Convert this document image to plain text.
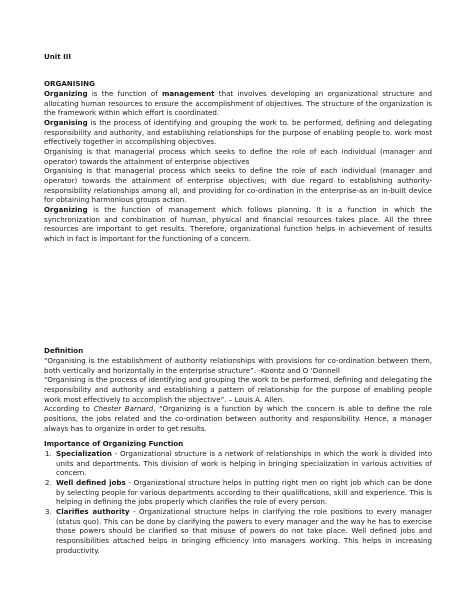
Unit III
ORGANISING

Organizing is the function of management that involves developing an organizational structure and allocating human resources to ensure the accomplishment of objectives. The structure of the organization is the framework within which effort is coordinated.

Organising is the process of identifying and grouping the work to. be performed, defining and delegating responsibility and authority, and establishing relationships for the purpose of enabling people to. work most effectively together in accomplishing objectives.

Organising is that managerial process which seeks to define the role of each individual (manager and operator) towards the attainment of enterprise objectives

Organising is that managerial process which seeks to define the role of each individual (manager and operator) towards the attainment of enterprise objectives; with due regard to establishing authority-responsibility relationships among all; and providing for co-ordination in the enterprise-as an in-built device for obtaining harmonious groups action.

Organizing is the function of management which follows planning. It is a function in which the synchronization and combination of human, physical and financial resources takes place. All the three resources are important to get results. Therefore, organizational function helps in achievement of results which in fact is important for the functioning of a concern.

Definition

“Organising is the establishment of authority relationships with provisions for co-ordination between them, both vertically and horizontally in the enterprise structure”. -Koontz and O ‘Donnell

“Organising is the process of identifying and grouping the work to be performed, defining and delegating the responsibility and authority and establishing a pattern of relationship for the purpose of enabling people work most effectively to accomplish the objective”. – Louis A. Allen.

According to Chester Barnard, “Organizing is a function by which the concern is able to define the role positions, the jobs related and the co-ordination between authority and responsibility. Hence, a manager always has to organize in order to get results.

Importance of Organizing Function
1. Specialization - Organizational structure is a network of relationships in which the work is divided into units and departments. This division of work is helping in bringing specialization in various activities of concern.
2. Well defined jobs - Organizational structure helps in putting right men on right job which can be done by selecting people for various departments according to their qualifications, skill and experience. This is helping in defining the jobs properly which clarifies the role of every person.
3. Clarifies authority - Organizational structure helps in clarifying the role positions to every manager (status quo). This can be done by clarifying the powers to every manager and the way he has to exercise those powers should be clarified so that misuse of powers do not take place. Well defined jobs and responsibilities attached helps in bringing efficiency into managers working. This helps in increasing productivity.
